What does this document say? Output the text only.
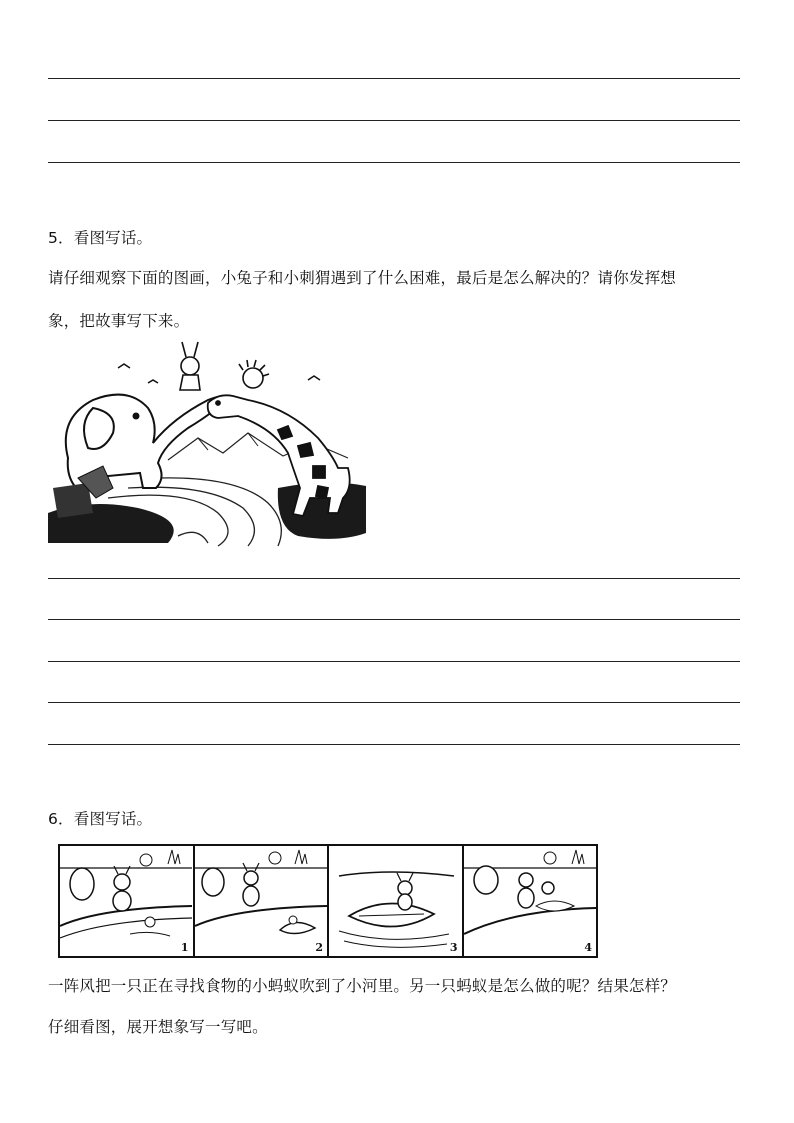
5．看图写话。
请仔细观察下面的图画，小兔子和小刺猬遇到了什么困难，最后是怎么解决的？请你发挥想
象，把故事写下来。
6．看图写话。
1	2	3	4
一阵风把一只正在寻找食物的小蚂蚁吹到了小河里。另一只蚂蚁是怎么做的呢？结果怎样？
仔细看图，展开想象写一写吧。
